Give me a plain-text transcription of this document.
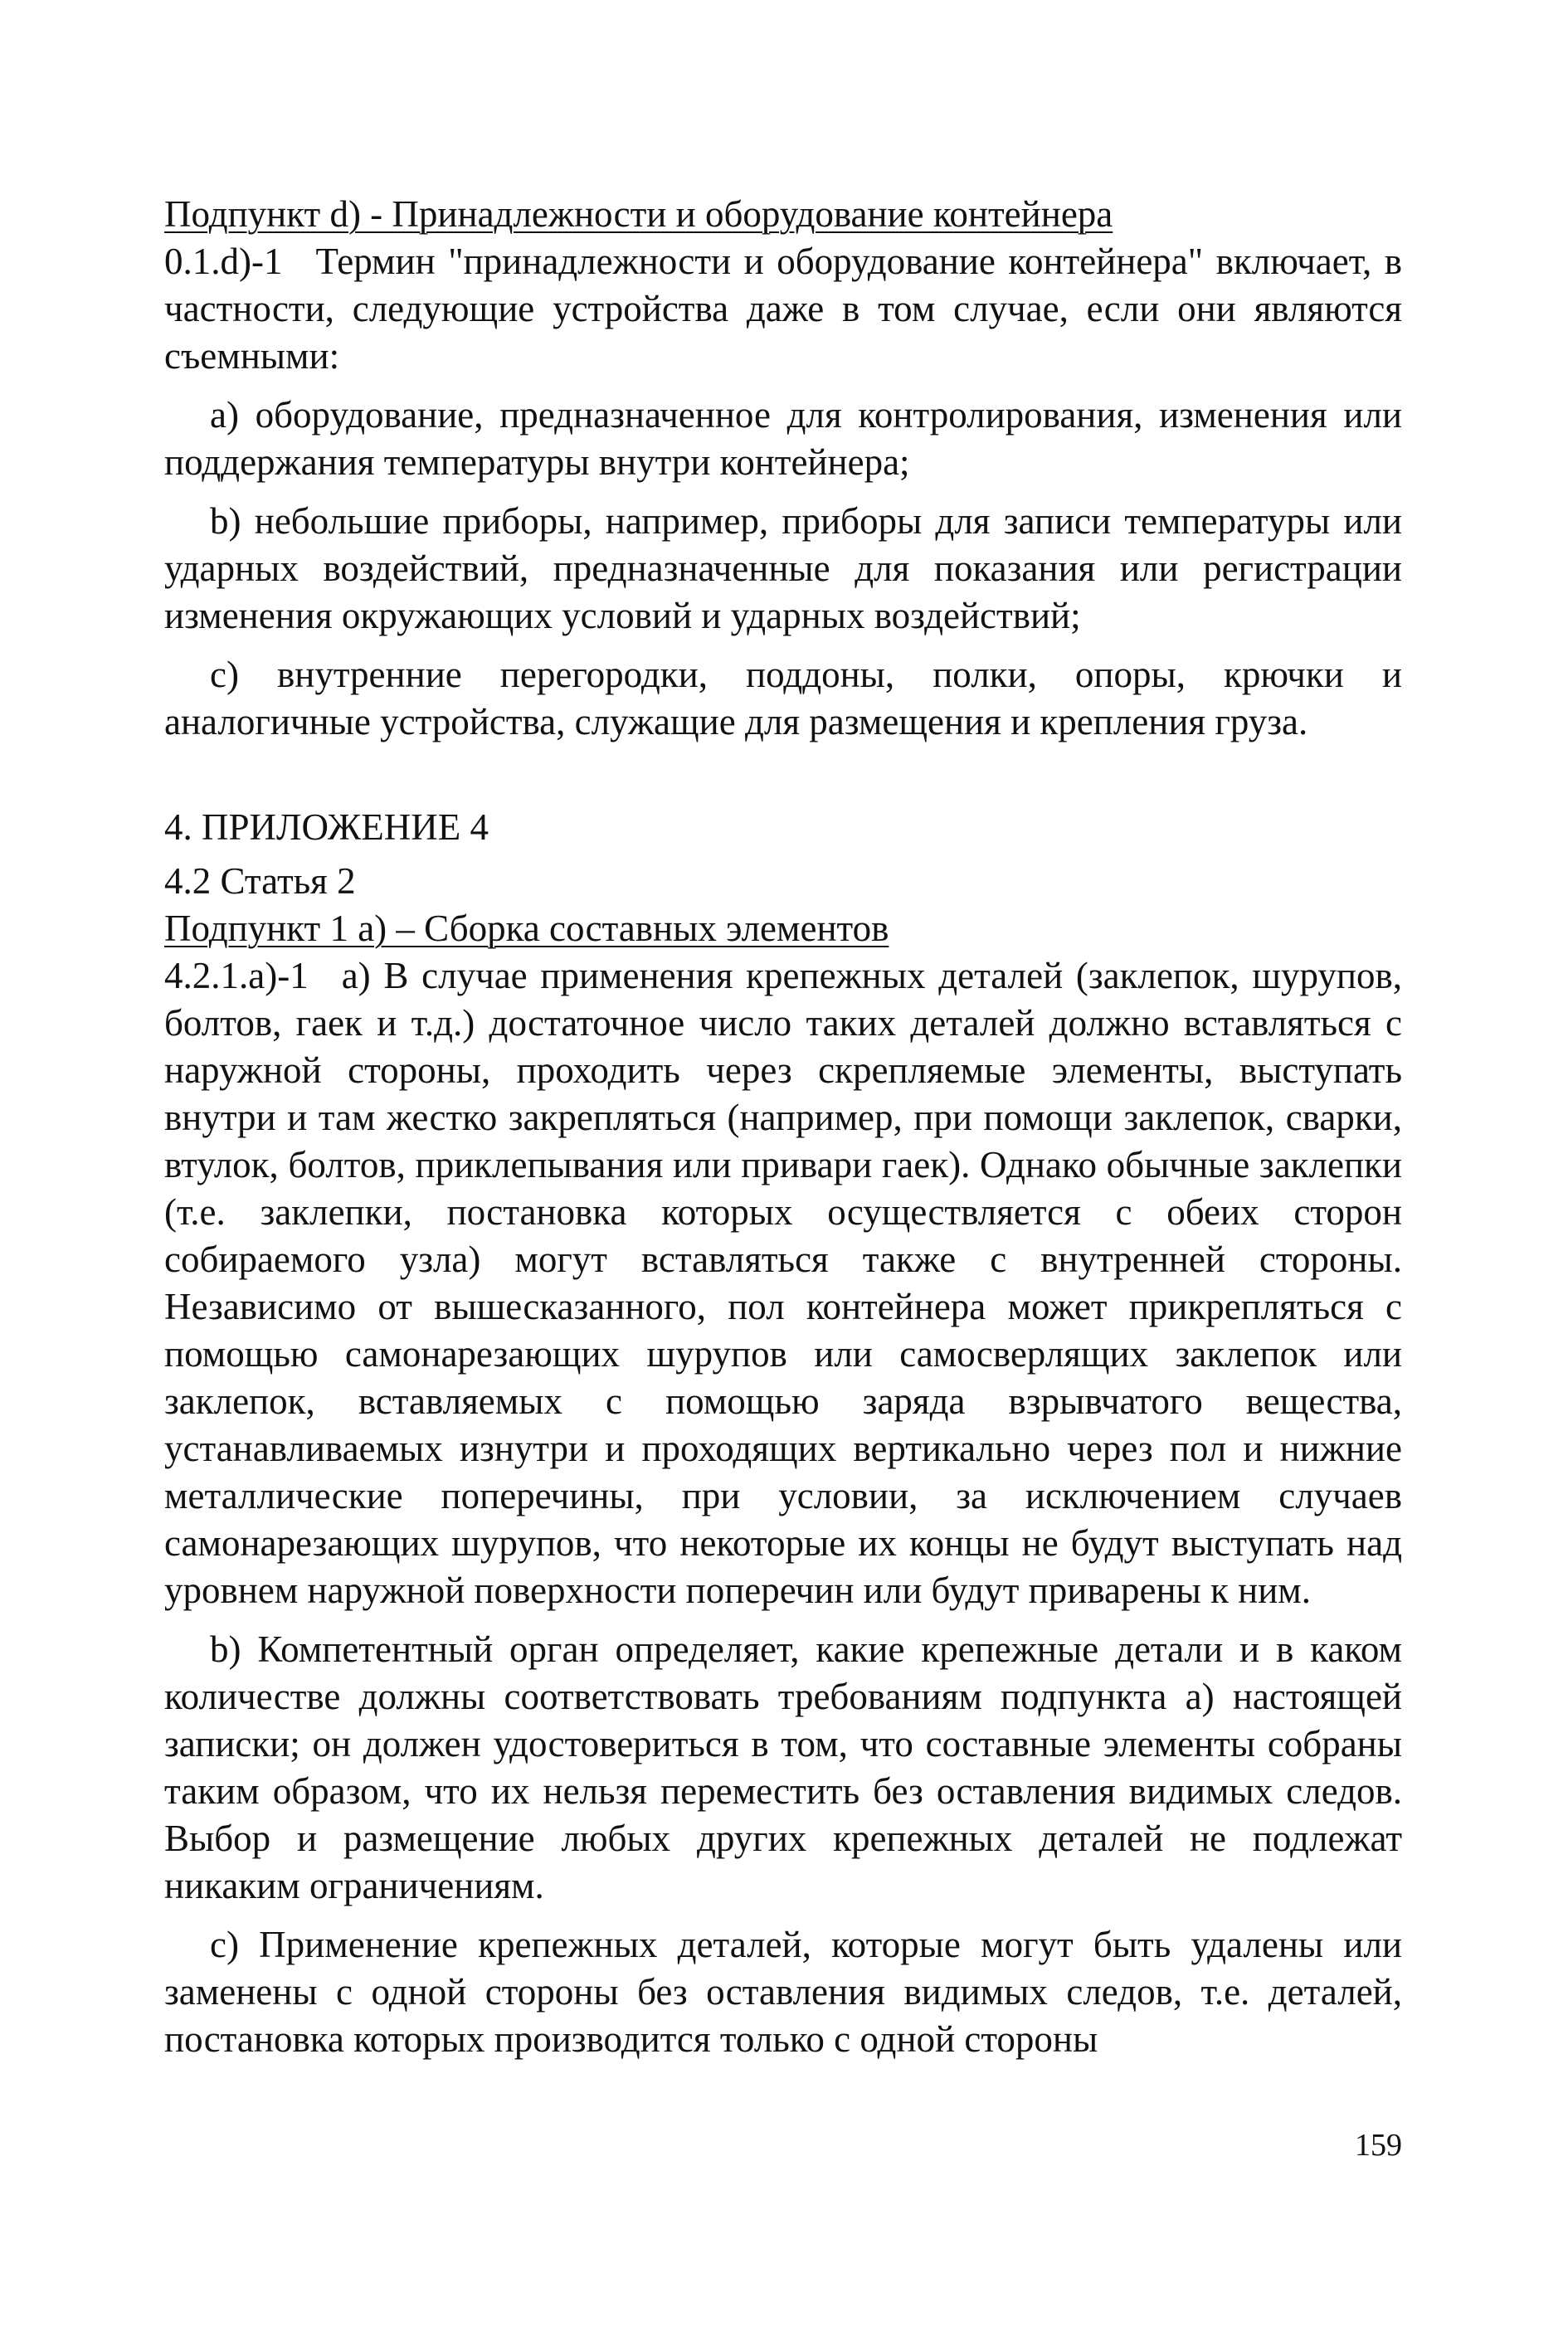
Подпункт d) - Принадлежности и оборудование контейнера

0.1.d)-1 Термин "принадлежности и оборудование контейнера" включает, в частности, следующие устройства даже в том случае, если они являются съемными:

а) оборудование, предназначенное для контролирования, изменения или поддержания температуры внутри контейнера;

b) небольшие приборы, например, приборы для записи температуры или ударных воздействий, предназначенные для показания или регистрации изменения окружающих условий и ударных воздействий;

c) внутренние перегородки, поддоны, полки, опоры, крючки и аналогичные устройства, служащие для размещения и крепления груза.

4. ПРИЛОЖЕНИЕ 4

4.2 Статья 2

Подпункт 1 а) – Сборка составных элементов

4.2.1.а)-1 а) В случае применения крепежных деталей (заклепок, шурупов, болтов, гаек и т.д.) достаточное число таких деталей должно вставляться с наружной стороны, проходить через скрепляемые элементы, выступать внутри и там жестко закрепляться (например, при помощи заклепок, сварки, втулок, болтов, приклепывания или привари гаек). Однако обычные заклепки (т.е. заклепки, постановка которых осуществляется с обеих сторон собираемого узла) могут вставляться также с внутренней стороны. Независимо от вышесказанного, пол контейнера может прикрепляться с помощью самонарезающих шурупов или самосверлящих заклепок или заклепок, вставляемых с помощью заряда взрывчатого вещества, устанавливаемых изнутри и проходящих вертикально через пол и нижние металлические поперечины, при условии, за исключением случаев самонарезающих шурупов, что некоторые их концы не будут выступать над уровнем наружной поверхности поперечин или будут приварены к ним.

b) Компетентный орган определяет, какие крепежные детали и в каком количестве должны соответствовать требованиям подпункта а) настоящей записки; он должен удостовериться в том, что составные элементы собраны таким образом, что их нельзя переместить без оставления видимых следов. Выбор и размещение любых других крепежных деталей не подлежат никаким ограничениям.

c) Применение крепежных деталей, которые могут быть удалены или заменены с одной стороны без оставления видимых следов, т.е. деталей, постановка которых производится только с одной стороны

159
